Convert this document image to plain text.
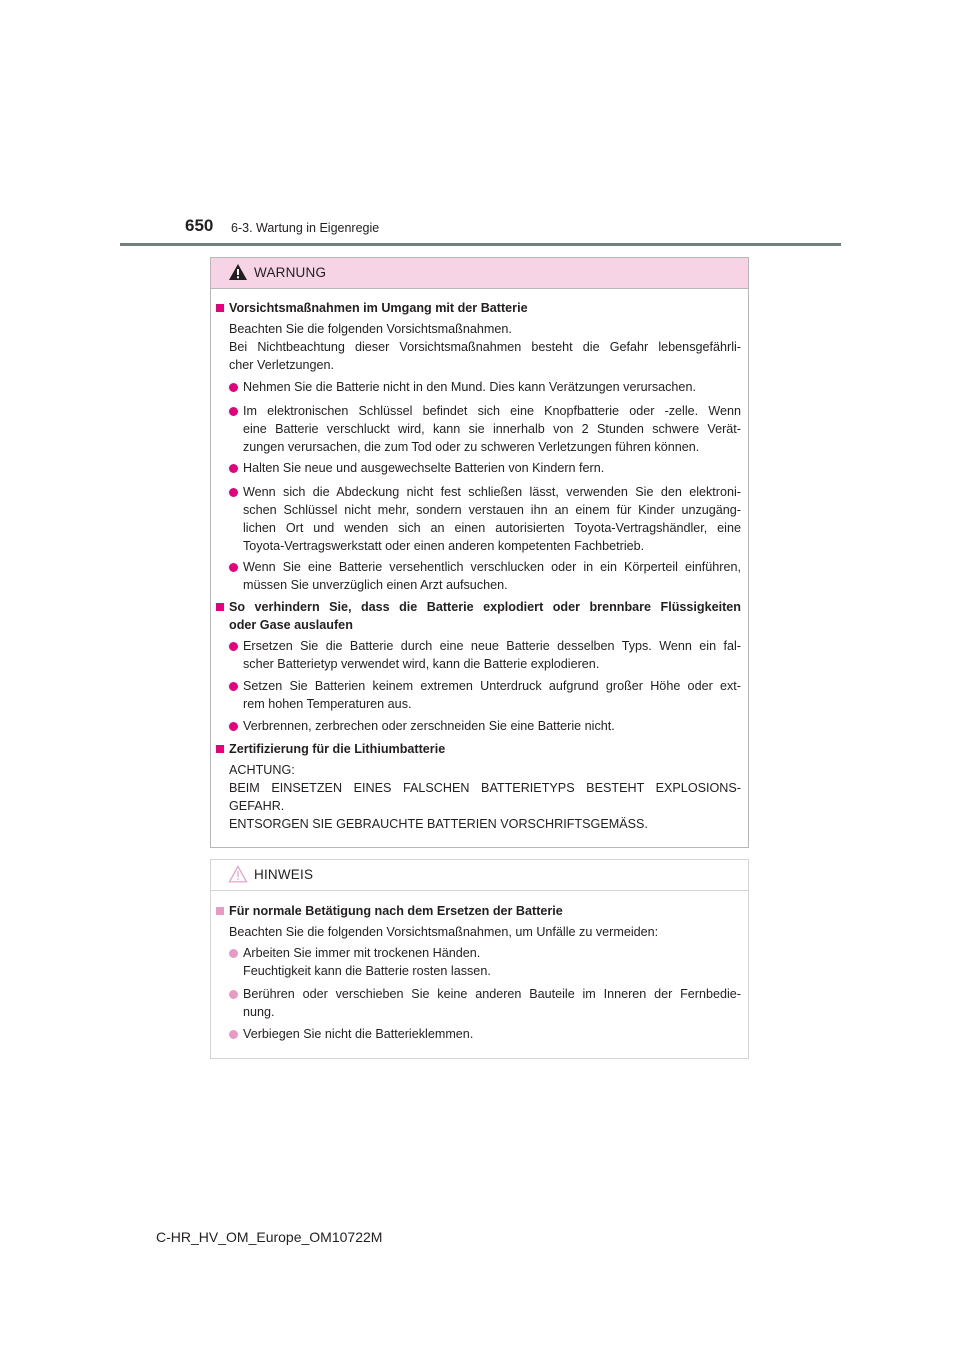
650 6-3. Wartung in Eigenregie
WARNUNG
Vorsichtsmaßnahmen im Umgang mit der Batterie
Beachten Sie die folgenden Vorsichtsmaßnahmen.
Bei Nichtbeachtung dieser Vorsichtsmaßnahmen besteht die Gefahr lebensgefährli-
cher Verletzungen.
Nehmen Sie die Batterie nicht in den Mund. Dies kann Verätzungen verursachen.
Im elektronischen Schlüssel befindet sich eine Knopfbatterie oder -zelle. Wenn
eine Batterie verschluckt wird, kann sie innerhalb von 2 Stunden schwere Verät-
zungen verursachen, die zum Tod oder zu schweren Verletzungen führen können.
Halten Sie neue und ausgewechselte Batterien von Kindern fern.
Wenn sich die Abdeckung nicht fest schließen lässt, verwenden Sie den elektroni-
schen Schlüssel nicht mehr, sondern verstauen ihn an einem für Kinder unzugäng-
lichen Ort und wenden sich an einen autorisierten Toyota-Vertragshändler, eine
Toyota-Vertragswerkstatt oder einen anderen kompetenten Fachbetrieb.
Wenn Sie eine Batterie versehentlich verschlucken oder in ein Körperteil einführen,
müssen Sie unverzüglich einen Arzt aufsuchen.
So verhindern Sie, dass die Batterie explodiert oder brennbare Flüssigkeiten
oder Gase auslaufen
Ersetzen Sie die Batterie durch eine neue Batterie desselben Typs. Wenn ein fal-
scher Batterietyp verwendet wird, kann die Batterie explodieren.
Setzen Sie Batterien keinem extremen Unterdruck aufgrund großer Höhe oder ext-
rem hohen Temperaturen aus.
Verbrennen, zerbrechen oder zerschneiden Sie eine Batterie nicht.
Zertifizierung für die Lithiumbatterie
ACHTUNG:
BEIM EINSETZEN EINES FALSCHEN BATTERIETYPS BESTEHT EXPLOSIONS-
GEFAHR.
ENTSORGEN SIE GEBRAUCHTE BATTERIEN VORSCHRIFTSGEMÄSS.
HINWEIS
Für normale Betätigung nach dem Ersetzen der Batterie
Beachten Sie die folgenden Vorsichtsmaßnahmen, um Unfälle zu vermeiden:
Arbeiten Sie immer mit trockenen Händen.
Feuchtigkeit kann die Batterie rosten lassen.
Berühren oder verschieben Sie keine anderen Bauteile im Inneren der Fernbedie-
nung.
Verbiegen Sie nicht die Batterieklemmen.
C-HR_HV_OM_Europe_OM10722M
